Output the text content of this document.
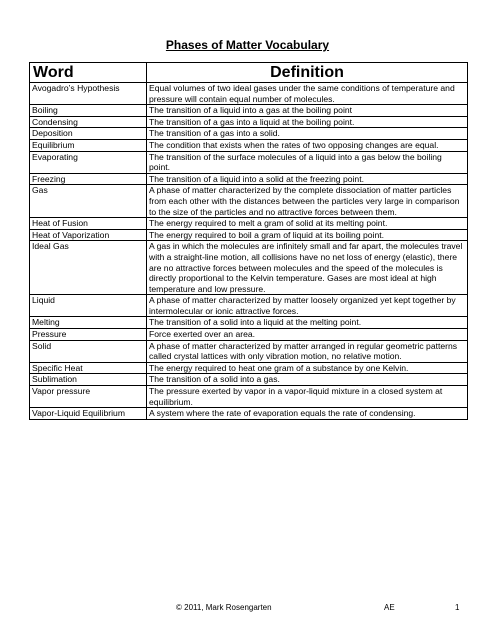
Phases of Matter Vocabulary
Word	Definition
Avogadro’s Hypothesis	Equal volumes of two ideal gases under the same conditions of temperature and pressure will contain equal number of molecules.
Boiling	The transition of a liquid into a gas at the boiling point
Condensing	The transition of a gas into a liquid at the boiling point.
Deposition	The transition of a gas into a solid.
Equilibrium	The condition that exists when the rates of two opposing changes are equal.
Evaporating	The transition of the surface molecules of a liquid into a gas below the boiling point.
Freezing	The transition of a liquid into a solid at the freezing point.
Gas	A phase of matter characterized by the complete dissociation of matter particles from each other with the distances between the particles very large in comparison to the size of the particles and no attractive forces between them.
Heat of Fusion	The energy required to melt a gram of solid at its melting point.
Heat of Vaporization	The energy required to boil a gram of liquid at its boiling point.
Ideal Gas	A gas in which the molecules are infinitely small and far apart, the molecules travel with a straight-line motion, all collisions have no net loss of energy (elastic), there are no attractive forces between molecules and the speed of the molecules is directly proportional to the Kelvin temperature. Gases are most ideal at high temperature and low pressure.
Liquid	A phase of matter characterized by matter loosely organized yet kept together by intermolecular or ionic attractive forces.
Melting	The transition of a solid into a liquid at the melting point.
Pressure	Force exerted over an area.
Solid	A phase of matter characterized by matter arranged in regular geometric patterns called crystal lattices with only vibration motion, no relative motion.
Specific Heat	The energy required to heat one gram of a substance by one Kelvin.
Sublimation	The transition of a solid into a gas.
Vapor pressure	The pressure exerted by vapor in a vapor-liquid mixture in a closed system at equilibrium.
Vapor-Liquid Equilibrium	A system where the rate of evaporation equals the rate of condensing.
© 2011, Mark Rosengarten	AE	1
